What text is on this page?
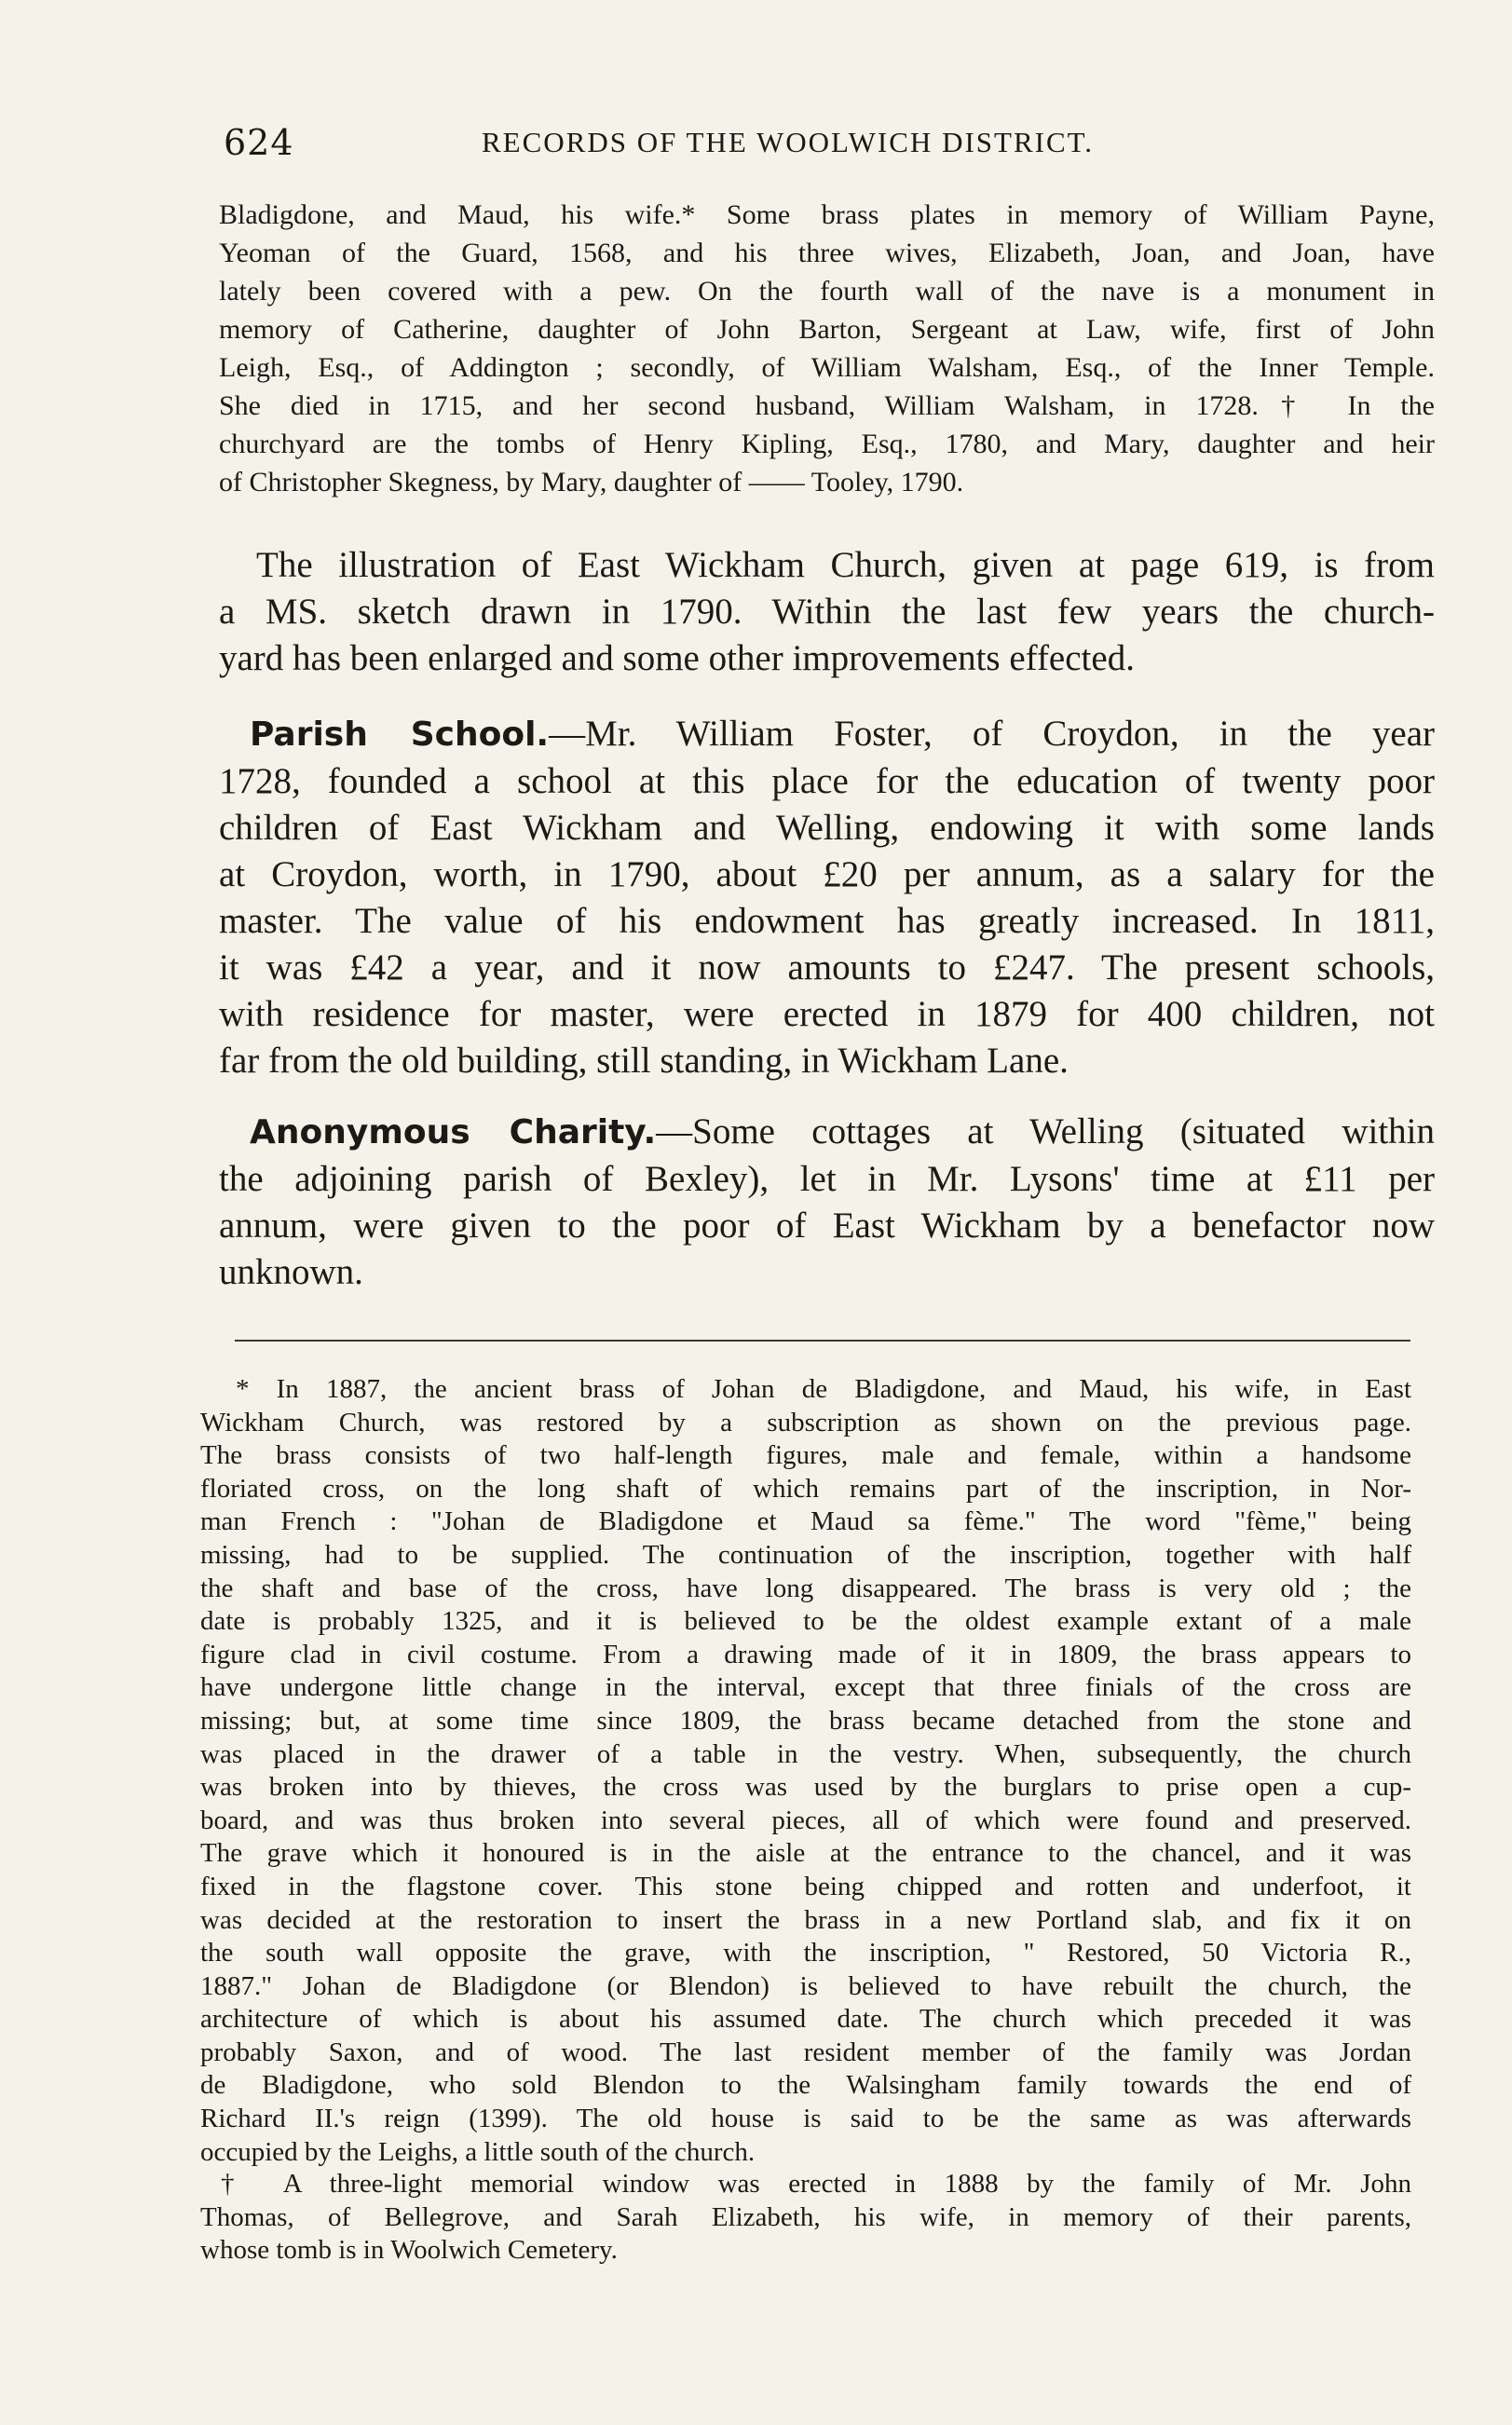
624	RECORDS OF THE WOOLWICH DISTRICT.
Bladigdone, and Maud, his wife.* Some brass plates in memory of William Payne,
Yeoman of the Guard, 1568, and his three wives, Elizabeth, Joan, and Joan, have
lately been covered with a pew. On the fourth wall of the nave is a monument in
memory of Catherine, daughter of John Barton, Sergeant at Law, wife, first of John
Leigh, Esq., of Addington ; secondly, of William Walsham, Esq., of the Inner Temple.
She died in 1715, and her second husband, William Walsham, in 1728.† In the
churchyard are the tombs of Henry Kipling, Esq., 1780, and Mary, daughter and heir
of Christopher Skegness, by Mary, daughter of —— Tooley, 1790.
The illustration of East Wickham Church, given at page 619, is from
a MS. sketch drawn in 1790. Within the last few years the church-
yard has been enlarged and some other improvements effected.
Parish School.—Mr. William Foster, of Croydon, in the year
1728, founded a school at this place for the education of twenty poor
children of East Wickham and Welling, endowing it with some lands
at Croydon, worth, in 1790, about £20 per annum, as a salary for the
master. The value of his endowment has greatly increased. In 1811,
it was £42 a year, and it now amounts to £247. The present schools,
with residence for master, were erected in 1879 for 400 children, not
far from the old building, still standing, in Wickham Lane.
Anonymous Charity.—Some cottages at Welling (situated within
the adjoining parish of Bexley), let in Mr. Lysons' time at £11 per
annum, were given to the poor of East Wickham by a benefactor now
unknown.
* In 1887, the ancient brass of Johan de Bladigdone, and Maud, his wife, in East
Wickham Church, was restored by a subscription as shown on the previous page.
The brass consists of two half-length figures, male and female, within a handsome
floriated cross, on the long shaft of which remains part of the inscription, in Nor-
man French : "Johan de Bladigdone et Maud sa fème." The word "fème," being
missing, had to be supplied. The continuation of the inscription, together with half
the shaft and base of the cross, have long disappeared. The brass is very old ; the
date is probably 1325, and it is believed to be the oldest example extant of a male
figure clad in civil costume. From a drawing made of it in 1809, the brass appears to
have undergone little change in the interval, except that three finials of the cross are
missing; but, at some time since 1809, the brass became detached from the stone and
was placed in the drawer of a table in the vestry. When, subsequently, the church
was broken into by thieves, the cross was used by the burglars to prise open a cup-
board, and was thus broken into several pieces, all of which were found and preserved.
The grave which it honoured is in the aisle at the entrance to the chancel, and it was
fixed in the flagstone cover. This stone being chipped and rotten and underfoot, it
was decided at the restoration to insert the brass in a new Portland slab, and fix it on
the south wall opposite the grave, with the inscription, " Restored, 50 Victoria R.,
1887." Johan de Bladigdone (or Blendon) is believed to have rebuilt the church, the
architecture of which is about his assumed date. The church which preceded it was
probably Saxon, and of wood. The last resident member of the family was Jordan
de Bladigdone, who sold Blendon to the Walsingham family towards the end of
Richard II.'s reign (1399). The old house is said to be the same as was afterwards
occupied by the Leighs, a little south of the church.
† A three-light memorial window was erected in 1888 by the family of Mr. John
Thomas, of Bellegrove, and Sarah Elizabeth, his wife, in memory of their parents,
whose tomb is in Woolwich Cemetery.
